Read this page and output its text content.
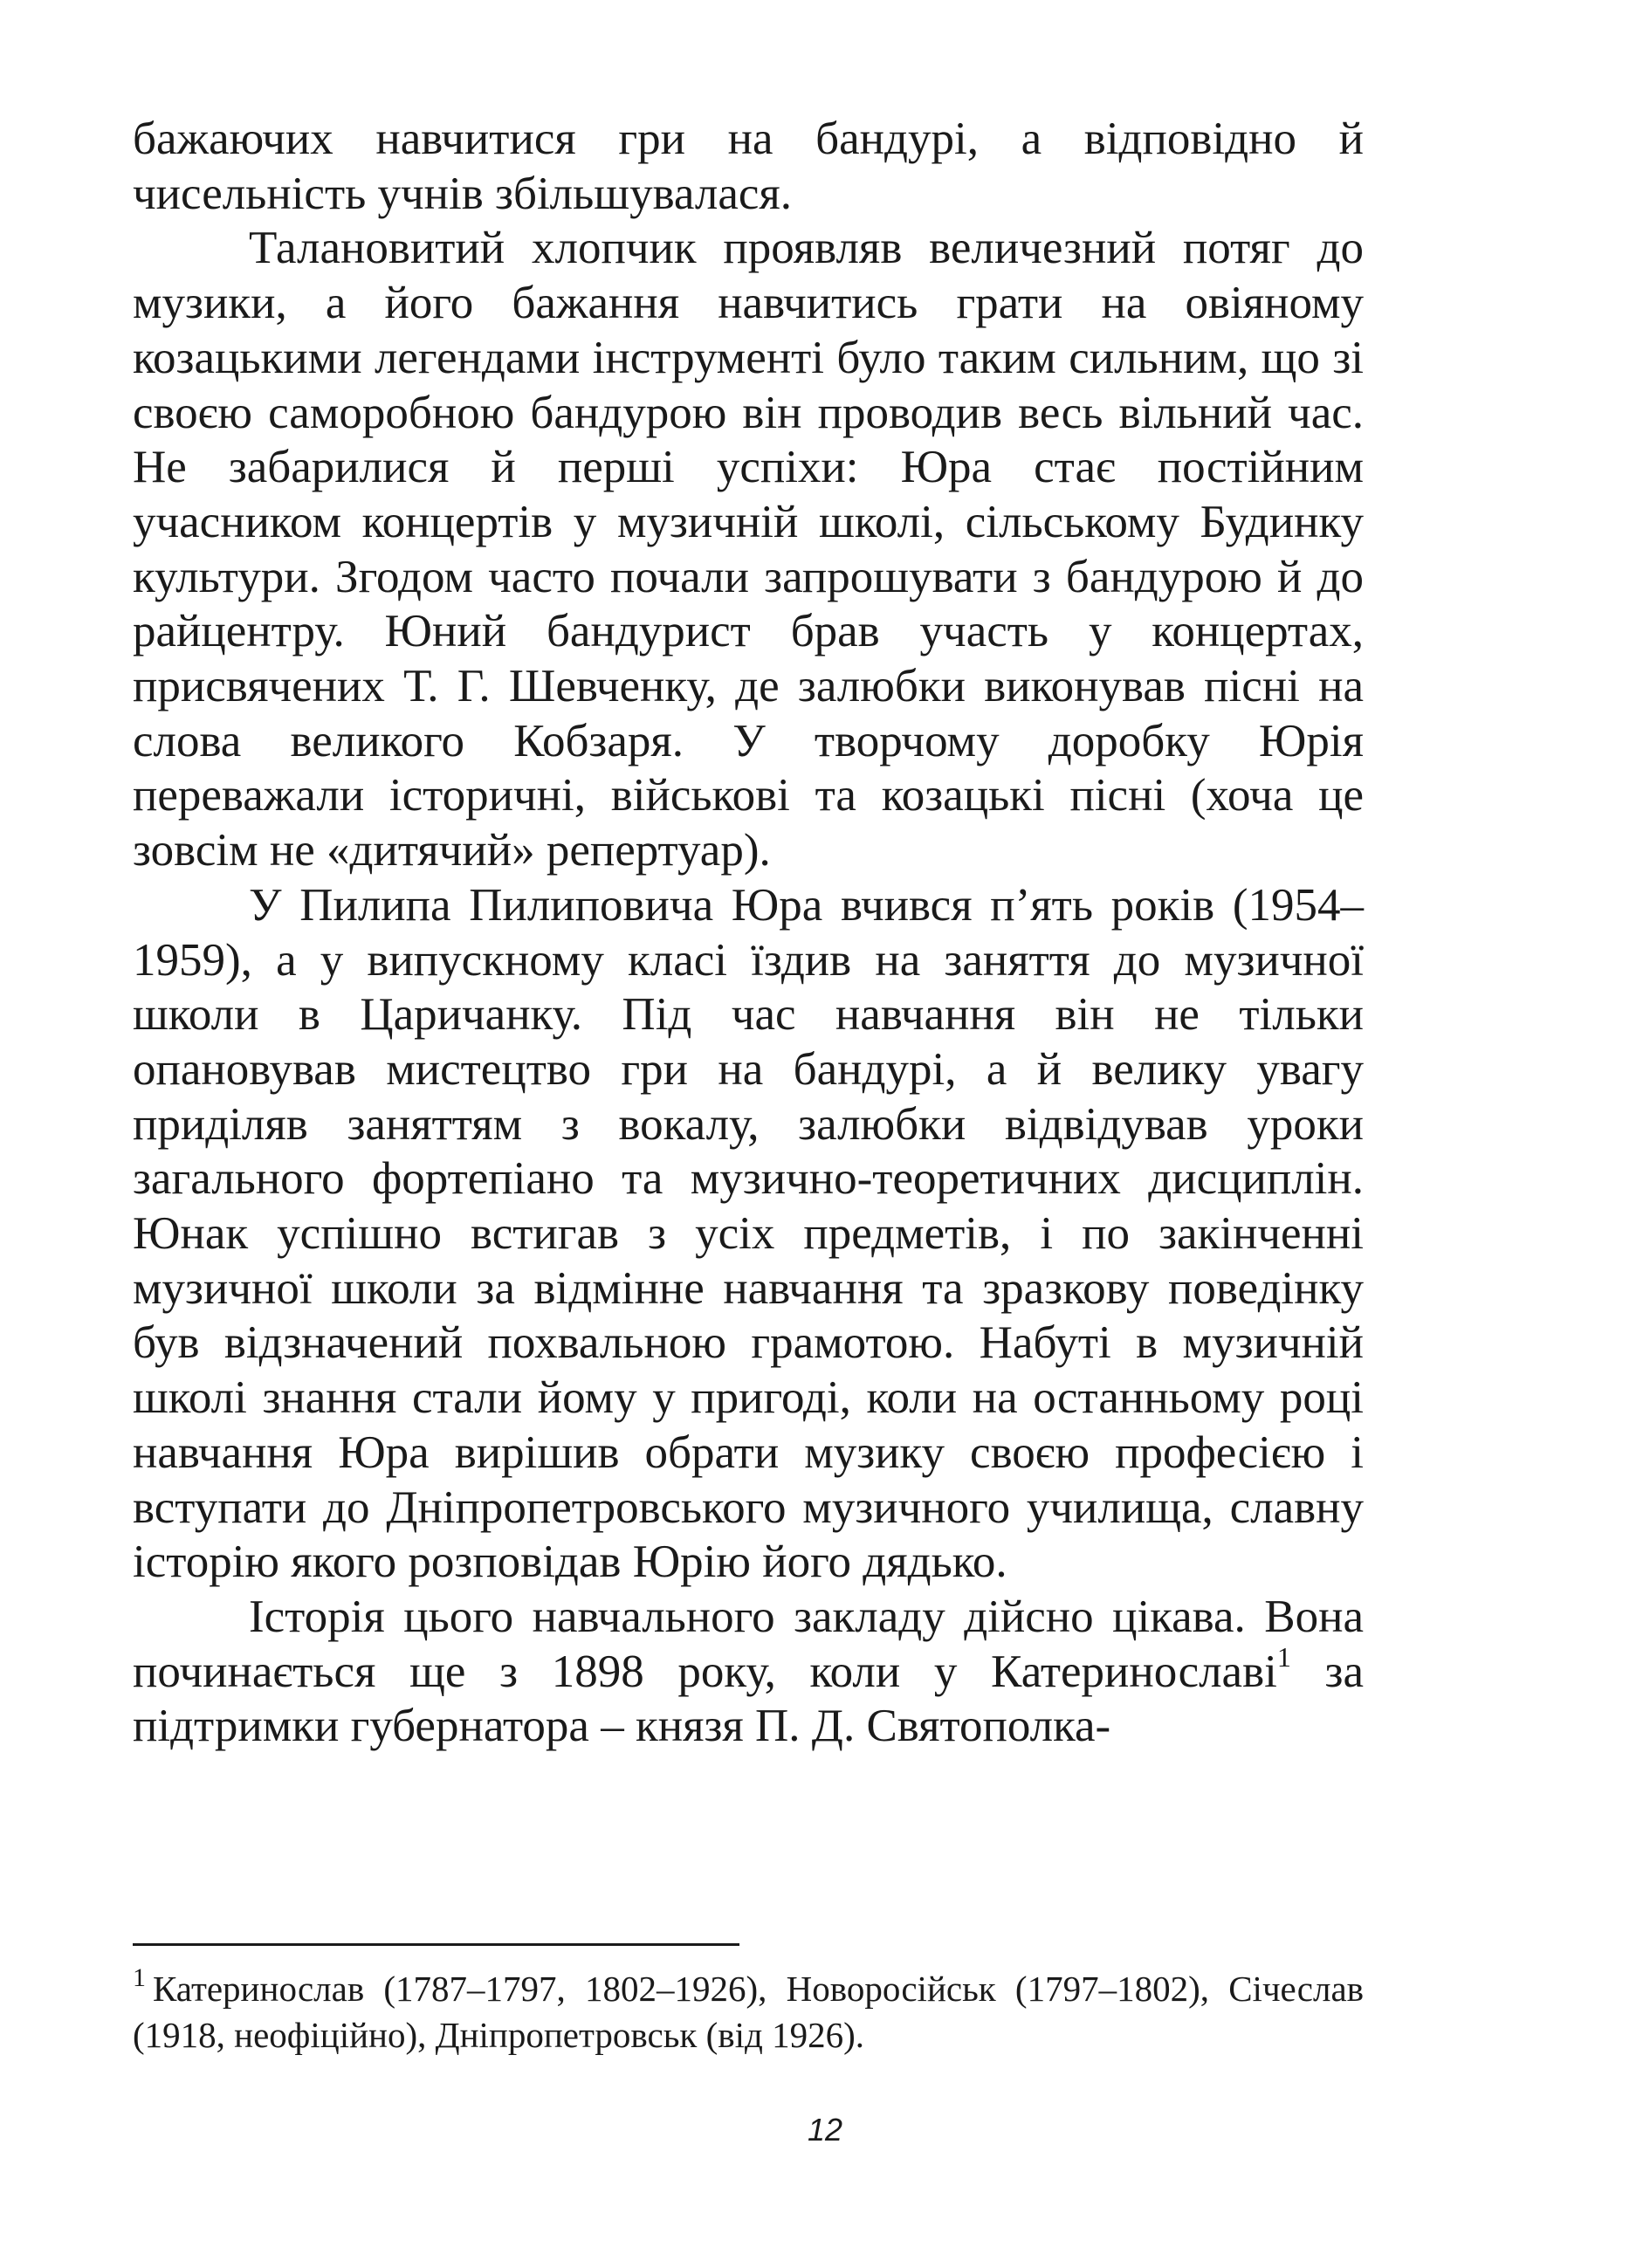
бажаючих навчитися гри на бандурі, а відповідно й чисельність учнів збільшувалася.

Талановитий хлопчик проявляв величезний потяг до музики, а його бажання навчитись грати на овіяному козацькими легендами інструменті було таким сильним, що зі своєю саморобною бандурою він проводив весь вільний час. Не забарилися й перші успіхи: Юра стає постійним учасником концертів у музичній школі, сільському Будинку культури. Згодом часто почали запрошувати з бандурою й до райцентру. Юний бандурист брав участь у концертах, присвячених Т. Г. Шевченку, де залюбки виконував пісні на слова великого Кобзаря. У творчому доробку Юрія переважали історичні, військові та козацькі пісні (хоча це зовсім не «дитячий» репертуар).

У Пилипа Пилиповича Юра вчився п’ять років (1954–1959), а у випускному класі їздив на заняття до музичної школи в Царичанку. Під час навчання він не тільки опановував мистецтво гри на бандурі, а й велику увагу приділяв заняттям з вокалу, залюбки відвідував уроки загального фортепіано та музично-теоретичних дисциплін. Юнак успішно встигав з усіх предметів, і по закінченні музичної школи за відмінне навчання та зразкову поведінку був відзначений похвальною грамотою. Набуті в музичній школі знання стали йому у пригоді, коли на останньому році навчання Юра вирішив обрати музику своєю професією і вступати до Дніпропетровського музичного училища, славну історію якого розповідав Юрію його дядько.

Історія цього навчального закладу дійсно цікава. Вона починається ще з 1898 року, коли у Катеринославі$^1$ за підтримки губернатора – князя П. Д. Святополка-

$^1$ Катеринослав (1787–1797, 1802–1926), Новоросійськ (1797–1802), Січеслав (1918, неофіційно), Дніпропетровськ (від 1926).
12
